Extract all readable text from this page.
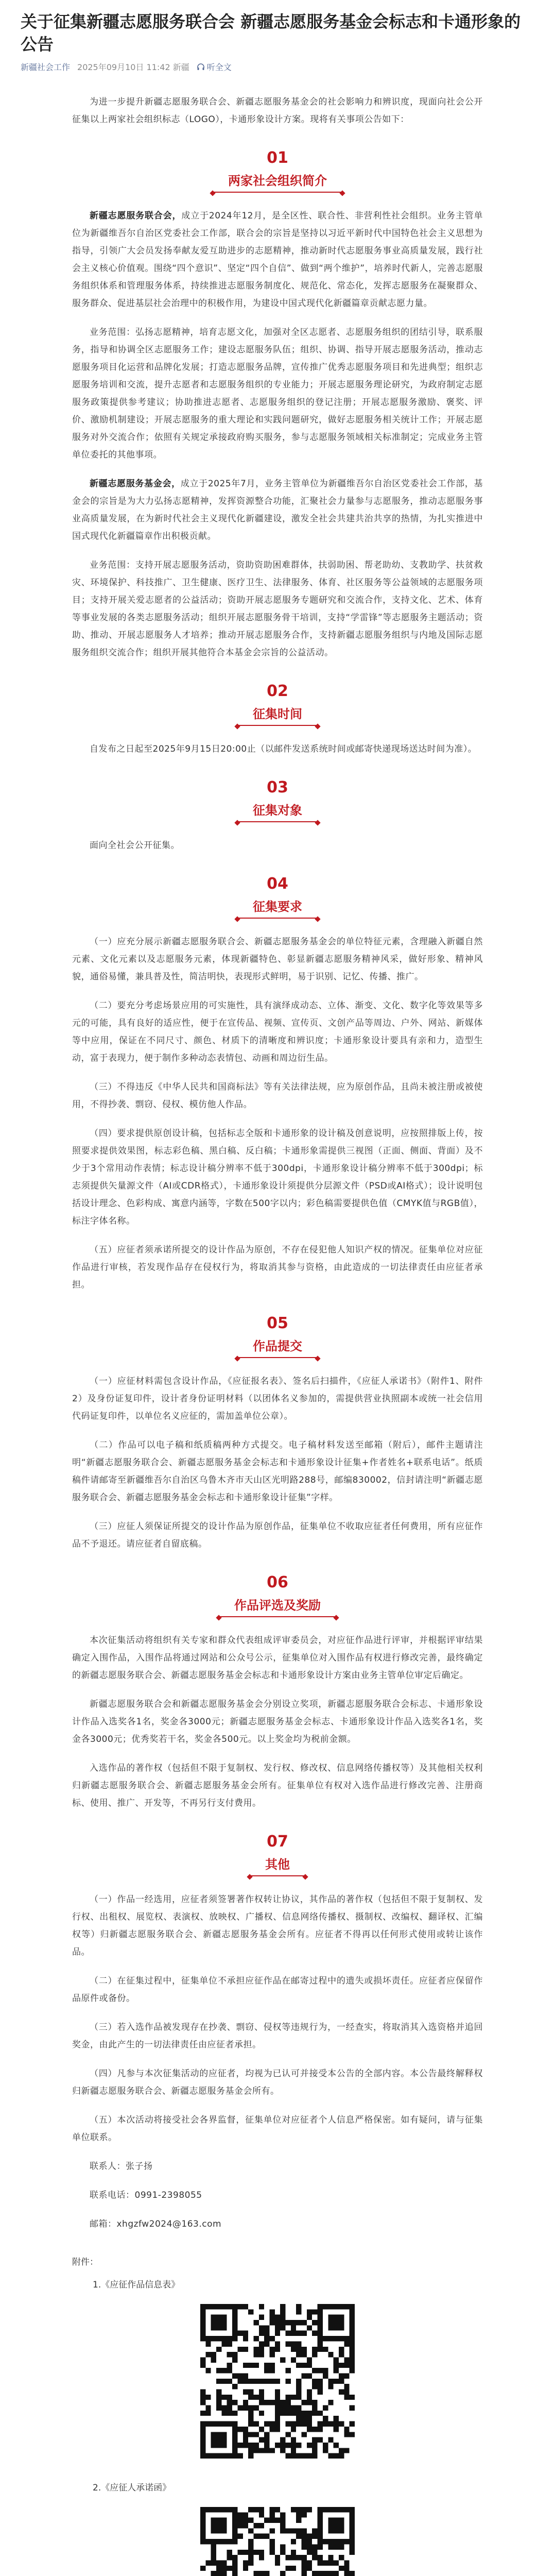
关于征集新疆志愿服务联合会 新疆志愿服务基金会标志和卡通形象的公告
新疆社会工作 2025年09月10日 11:42 新疆 听全文

为进一步提升新疆志愿服务联合会、新疆志愿服务基金会的社会影响力和辨识度，现面向社会公开征集以上两家社会组织标志（LOGO），卡通形象设计方案。现将有关事项公告如下：

01
两家社会组织简介

新疆志愿服务联合会，成立于2024年12月，是全区性、联合性、非营利性社会组织。业务主管单位为新疆维吾尔自治区党委社会工作部，联合会的宗旨是坚持以习近平新时代中国特色社会主义思想为指导，引领广大会员发扬奉献友爱互助进步的志愿精神，推动新时代志愿服务事业高质量发展，践行社会主义核心价值观。围绕“四个意识”、坚定“四个自信”、做到“两个维护”，培养时代新人，完善志愿服务组织体系和管理服务体系，持续推进志愿服务制度化、规范化、常态化，发挥志愿服务在凝聚群众、服务群众、促进基层社会治理中的积极作用，为建设中国式现代化新疆篇章贡献志愿力量。

业务范围：弘扬志愿精神，培育志愿文化，加强对全区志愿者、志愿服务组织的团结引导，联系服务，指导和协调全区志愿服务工作；建设志愿服务队伍；组织、协调、指导开展志愿服务活动，推动志愿服务项目化运营和品牌化发展；打造志愿服务品牌，宣传推广优秀志愿服务项目和先进典型；组织志愿服务培训和交流，提升志愿者和志愿服务组织的专业能力；开展志愿服务理论研究，为政府制定志愿服务政策提供参考建议；协助推进志愿者、志愿服务组织的登记注册；开展志愿服务激励、褒奖、评价、激励机制建设；开展志愿服务的重大理论和实践问题研究，做好志愿服务相关统计工作；开展志愿服务对外交流合作；依照有关规定承接政府购买服务，参与志愿服务领域相关标准制定；完成业务主管单位委托的其他事项。

新疆志愿服务基金会，成立于2025年7月，业务主管单位为新疆维吾尔自治区党委社会工作部，基金会的宗旨是为大力弘扬志愿精神，发挥资源整合功能，汇聚社会力量参与志愿服务，推动志愿服务事业高质量发展，在为新时代社会主义现代化新疆建设，激发全社会共建共治共享的热情，为扎实推进中国式现代化新疆篇章作出积极贡献。

业务范围：支持开展志愿服务活动，资助资助困难群体，扶弱助困、帮老助幼、支教助学、扶贫救灾、环境保护、科技推广、卫生健康、医疗卫生、法律服务、体育、社区服务等公益领域的志愿服务项目；支持开展关爱志愿者的公益活动；资助开展志愿服务专题研究和交流合作，支持文化、艺术、体育等事业发展的各类志愿服务活动；组织开展志愿服务骨干培训，支持“学雷锋”等志愿服务主题活动；资助、推动、开展志愿服务人才培养；推动开展志愿服务合作，支持新疆志愿服务组织与内地及国际志愿服务组织交流合作；组织开展其他符合本基金会宗旨的公益活动。

02
征集时间

自发布之日起至2025年9月15日20:00止（以邮件发送系统时间或邮寄快递现场送达时间为准）。

03
征集对象

面向全社会公开征集。

04
征集要求

（一）应充分展示新疆志愿服务联合会、新疆志愿服务基金会的单位特征元素，含理融入新疆自然元素、文化元素以及志愿服务元素，体现新疆特色、彰显新疆志愿服务精神风采，做好形象、精神风貌，通俗易懂，兼具普及性，简洁明快，表现形式鲜明，易于识别、记忆、传播、推广。

（二）要充分考虑场景应用的可实施性，具有演绎成动态、立体、渐变、文化、数字化等效果等多元的可能，具有良好的适应性，便于在宣传品、视频、宣传页、文创产品等周边、户外、网站、新媒体等中应用，保证在不同尺寸、颜色、材质下的清晰度和辨识度；卡通形象设计要具有亲和力，造型生动，富于表现力，便于制作多种动态表情包、动画和周边衍生品。

（三）不得违反《中华人民共和国商标法》等有关法律法规，应为原创作品，且尚未被注册或被使用，不得抄袭、剽窃、侵权、模仿他人作品。

（四）要求提供原创设计稿，包括标志全版和卡通形象的设计稿及创意说明，应按照排版上传，按照要求提供效果图，标志彩色稿、黑白稿、反白稿；卡通形象需提供三视图（正面、侧面、背面）及不少于3个常用动作表情；标志设计稿分辨率不低于300dpi，卡通形象设计稿分辨率不低于300dpi；标志须提供矢量源文件（AI或CDR格式），卡通形象设计须提供分层源文件（PSD或AI格式）；设计说明包括设计理念、色彩构成、寓意内涵等，字数在500字以内；彩色稿需要提供色值（CMYK值与RGB值），标注字体名称。

（五）应征者须承诺所提交的设计作品为原创，不存在侵犯他人知识产权的情况。征集单位对应征作品进行审核，若发现作品存在侵权行为，将取消其参与资格，由此造成的一切法律责任由应征者承担。

05
作品提交

（一）应征材料需包含设计作品，《应征报名表》、签名后扫描件，《应征人承诺书》（附件1、附件2）及身份证复印件，设计者身份证明材料（以团体名义参加的，需提供营业执照副本或统一社会信用代码证复印件，以单位名义应征的，需加盖单位公章）。

（二）作品可以电子稿和纸质稿两种方式提交。电子稿材料发送至邮箱（附后），邮件主题请注明“新疆志愿服务联合会、新疆志愿服务基金会标志和卡通形象设计征集+作者姓名+联系电话”。纸质稿件请邮寄至新疆维吾尔自治区乌鲁木齐市天山区光明路288号，邮编830002，信封请注明“新疆志愿服务联合会、新疆志愿服务基金会标志和卡通形象设计征集”字样。

（三）应征人须保证所提交的设计作品为原创作品，征集单位不收取应征者任何费用，所有应征作品不予退还。请应征者自留底稿。

06
作品评选及奖励

本次征集活动将组织有关专家和群众代表组成评审委员会，对应征作品进行评审，并根据评审结果确定入围作品，入围作品将通过网站和公众号公示，征集单位对入围作品有权进行修改完善，最终确定的新疆志愿服务联合会、新疆志愿服务基金会标志和卡通形象设计方案由业务主管单位审定后确定。

新疆志愿服务联合会和新疆志愿服务基金会分别设立奖项，新疆志愿服务联合会标志、卡通形象设计作品入选奖各1名，奖金各3000元；新疆志愿服务基金会标志、卡通形象设计作品入选奖各1名，奖金各3000元；优秀奖若干名，奖金各500元。以上奖金均为税前金额。

入选作品的著作权（包括但不限于复制权、发行权、修改权、信息网络传播权等）及其他相关权利归新疆志愿服务联合会、新疆志愿服务基金会所有。征集单位有权对入选作品进行修改完善、注册商标、使用、推广、开发等，不再另行支付费用。

07
其他

（一）作品一经选用，应征者须签署著作权转让协议，其作品的著作权（包括但不限于复制权、发行权、出租权、展览权、表演权、放映权、广播权、信息网络传播权、摄制权、改编权、翻译权、汇编权等）归新疆志愿服务联合会、新疆志愿服务基金会所有。应征者不得再以任何形式使用或转让该作品。

（二）在征集过程中，征集单位不承担应征作品在邮寄过程中的遗失或损坏责任。应征者应保留作品原件或备份。

（三）若入选作品被发现存在抄袭、剽窃、侵权等违规行为，一经查实，将取消其入选资格并追回奖金，由此产生的一切法律责任由应征者承担。

（四）凡参与本次征集活动的应征者，均视为已认可并接受本公告的全部内容。本公告最终解释权归新疆志愿服务联合会、新疆志愿服务基金会所有。

（五）本次活动将接受社会各界监督，征集单位对应征者个人信息严格保密。如有疑问，请与征集单位联系。

联系人：张子扬

联系电话：0991-2398055

邮箱：xhgzfw2024@163.com

附件：
1.《应征作品信息表》
2.《应征人承诺函》
